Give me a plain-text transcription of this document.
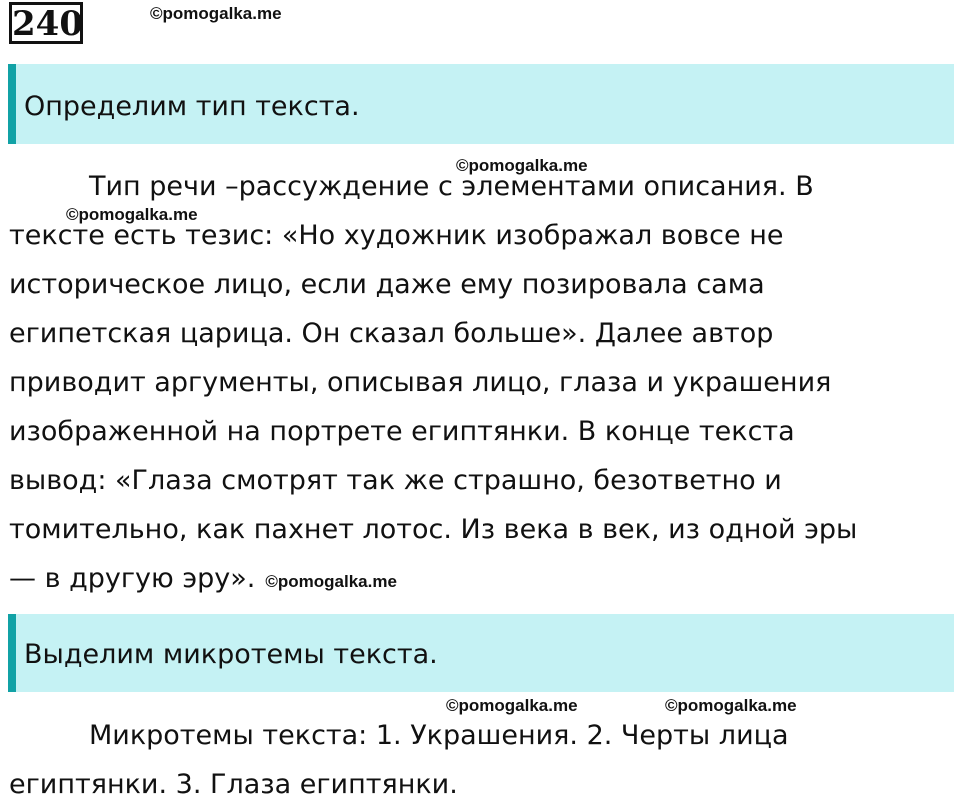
240	©pomogalka.me
Определим тип текста.
©pomogalka.me
©pomogalka.me
Тип речи –рассуждение с элементами описания. В
тексте есть тезис: «Но художник изображал вовсе не
историческое лицо, если даже ему позировала сама
египетская царица. Он сказал больше». Далее автор
приводит аргументы, описывая лицо, глаза и украшения
изображенной на портрете египтянки. В конце текста
вывод: «Глаза смотрят так же страшно, безответно и
томительно, как пахнет лотос. Из века в век, из одной эры
— в другую эру». ©pomogalka.me
Выделим микротемы текста.
©pomogalka.me	©pomogalka.me
Микротемы текста: 1. Украшения. 2. Черты лица
египтянки. 3. Глаза египтянки.
